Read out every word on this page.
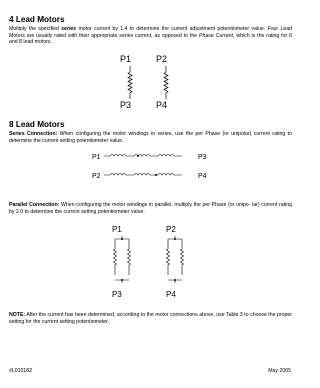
4 Lead Motors
Multiply the specified series motor current by 1.4 to determine the current adjustment potentiometer value. Four Lead Motors are usually rated with their appropriate series current, as opposed to the Phase Current, which is the rating for 6 and 8 lead motors.
P1	P2
P3	P4
8 Lead Motors
Series Connection: When configuring the motor windings in series, use the per Phase (or unipolar) current rating to determine the current setting potentiometer value.
P1	P3
P2	P4
Parallel Connection: When configuring the motor windings in parallel, multiply the per Phase (or unipo- lar) current rating by 2.0 to determine the current setting potentiometer value.
P1	P2
P3	P4
NOTE: After the current has been determined, according to the motor connections above, use Table 3 to choose the proper setting for the current setting potentiometer.
#L010182	May 2005
